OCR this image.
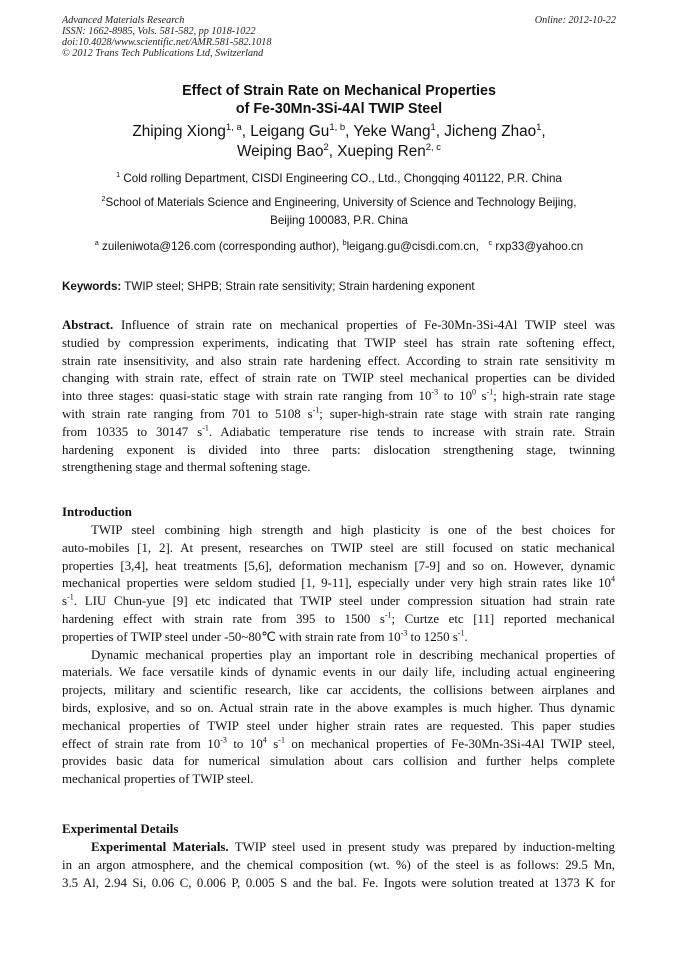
Advanced Materials Research
ISSN: 1662-8985, Vols. 581-582, pp 1018-1022
doi:10.4028/www.scientific.net/AMR.581-582.1018
© 2012 Trans Tech Publications Ltd, Switzerland
Online: 2012-10-22
Effect of Strain Rate on Mechanical Properties
of Fe-30Mn-3Si-4Al TWIP Steel
Zhiping Xiong$^{1, a}$, Leigang Gu$^{1, b}$, Yeke Wang$^1$, Jicheng Zhao$^1$,
Weiping Bao$^2$, Xueping Ren$^{2, c}$
$^1$ Cold rolling Department, CISDI Engineering CO., Ltd., Chongqing 401122, P.R. China
$^2$School of Materials Science and Engineering, University of Science and Technology Beijing,
Beijing 100083, P.R. China
$^a$ zuileniwota@126.com (corresponding author), $^b$leigang.gu@cisdi.com.cn, $^c$ rxp33@yahoo.cn
Keywords: TWIP steel; SHPB; Strain rate sensitivity; Strain hardening exponent
Abstract. Influence of strain rate on mechanical properties of Fe-30Mn-3Si-4Al TWIP steel was
studied by compression experiments, indicating that TWIP steel has strain rate softening effect,
strain rate insensitivity, and also strain rate hardening effect. According to strain rate sensitivity m
changing with strain rate, effect of strain rate on TWIP steel mechanical properties can be divided
into three stages: quasi-static stage with strain rate ranging from $10^{-3}$ to $10^0$ $s^{-1}$; high-strain rate stage
with strain rate ranging from 701 to 5108 $s^{-1}$; super-high-strain rate stage with strain rate ranging
from 10335 to 30147 $s^{-1}$. Adiabatic temperature rise tends to increase with strain rate. Strain
hardening exponent is divided into three parts: dislocation strengthening stage, twinning
strengthening stage and thermal softening stage.
Introduction
TWIP steel combining high strength and high plasticity is one of the best choices for
auto-mobiles [1, 2]. At present, researches on TWIP steel are still focused on static mechanical
properties [3,4], heat treatments [5,6], deformation mechanism [7-9] and so on. However, dynamic
mechanical properties were seldom studied [1, 9-11], especially under very high strain rates like $10^4$
$s^{-1}$. LIU Chun-yue [9] etc indicated that TWIP steel under compression situation had strain rate
hardening effect with strain rate from 395 to 1500 $s^{-1}$; Curtze etc [11] reported mechanical
properties of TWIP steel under -50~80℃ with strain rate from $10^{-3}$ to 1250 $s^{-1}$.
Dynamic mechanical properties play an important role in describing mechanical properties of
materials. We face versatile kinds of dynamic events in our daily life, including actual engineering
projects, military and scientific research, like car accidents, the collisions between airplanes and
birds, explosive, and so on. Actual strain rate in the above examples is much higher. Thus dynamic
mechanical properties of TWIP steel under higher strain rates are requested. This paper studies
effect of strain rate from $10^{-3}$ to $10^4$ $s^{-1}$ on mechanical properties of Fe-30Mn-3Si-4Al TWIP steel,
provides basic data for numerical simulation about cars collision and further helps complete
mechanical properties of TWIP steel.
Experimental Details
Experimental Materials. TWIP steel used in present study was prepared by induction-melting
in an argon atmosphere, and the chemical composition (wt. %) of the steel is as follows: 29.5 Mn,
3.5 Al, 2.94 Si, 0.06 C, 0.006 P, 0.005 S and the bal. Fe. Ingots were solution treated at 1373 K for
